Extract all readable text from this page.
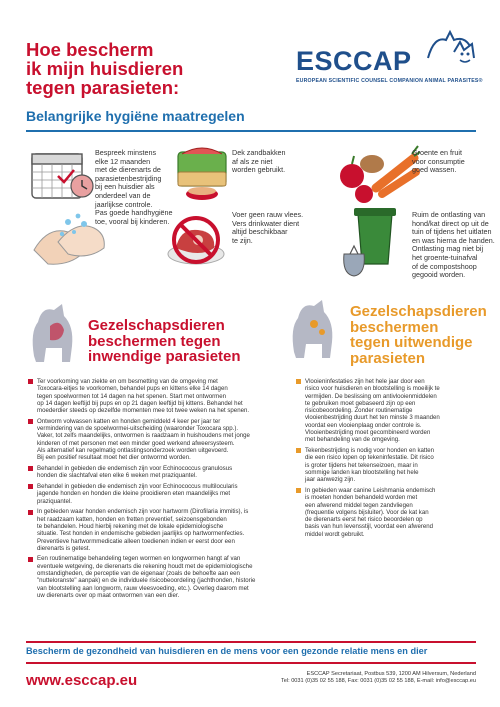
Hoe bescherm
ik mijn huisdieren
tegen parasieten:
Belangrijke hygiëne maatregelen
ESCCAP
EUROPEAN SCIENTIFIC COUNSEL COMPANION ANIMAL PARASITES®
Bespreek minstens
elke 12 maanden
met de dierenarts de
parasietenbestrijding
bij een huisdier als
onderdeel van de
jaarlijkse controle.
Dek zandbakken
af als ze niet
worden gebruikt.
Groente en fruit
voor consumptie
goed wassen.
Pas goede handhygiëne
toe, vooral bij kinderen.
Voer geen rauw vlees.
Vers drinkwater dient
altijd beschikbaar
te zijn.
Ruim de ontlasting van
hond/kat direct op uit de
tuin of tijdens het uitlaten
en was hierna de handen.
Ontlasting mag niet bij
het groente-tuinafval
of de compostshoop
gegooid worden.
Gezelschapsdieren
beschermen tegen
inwendige parasieten
Gezelschapsdieren
beschermen
tegen uitwendige
parasieten
Ter voorkoming van ziekte en om besmetting van de omgeving met
Toxocara-eitjes te voorkomen, behandel pups en kittens elke 14 dagen
tegen spoelwormen tot 14 dagen na het spenen. Start met ontwormen
op 14 dagen leeftijd bij pups en op 21 dagen leeftijd bij kittens. Behandel het
moederdier steeds op dezelfde momenten mee tot twee weken na het spenen.
Ontworm volwassen katten en honden gemiddeld 4 keer per jaar ter
vermindering van de spoelwormei-uitscheiding (waaronder Toxocara spp.).
Vaker, tot zelfs maandelijks, ontwormen is raadzaam in huishoudens met jonge
kinderen of met personen met een minder goed werkend afweersysteem.
Als alternatief kan regelmatig ontlastingsonderzoek worden uitgevoerd.
Bij een positief resultaat moet het dier ontwormd worden.
Behandel in gebieden die endemisch zijn voor Echinococcus granulosus
honden die slachtafval eten elke 6 weken met praziquantel.
Behandel in gebieden die endemisch zijn voor Echinococcus multilocularis
jagende honden en honden die kleine prooidieren eten maandelijks met
praziquantel.
In gebieden waar honden endemisch zijn voor hartworm (Dirofilaria immitis), is
het raadzaam katten, honden en fretten preventief, seizoensgebonden
te behandelen. Houd hierbij rekening met de lokale epidemiologische
situatie. Test honden in endemische gebieden jaarlijks op hartwormenfecties.
Preventieve hartwormmedicatie alleen toedienen indien er eerst door een
dierenarts is getest.
Een routinematige behandeling tegen wormen en longwormen hangt af van
eventuele wetgeving, de dierenarts die rekening houdt met de epidemiologische
omstandigheden, de perceptie van de eigenaar (zoals de behoefte aan een
"nutteloranste" aanpak) en de individuele risicobeoordeling (jachthonden, historie
van blootstelling aan longworm, rauw vleesvoeding, etc.). Overleg daarom met
uw dierenarts over op maat ontwormen van een dier.
Vlooieninfestaties zijn het hele jaar door een
risico voor huisdieren en blootstelling is moeilijk te
vermijden. De beslissing om antivlooienmiddelen
te gebruiken moet gebaseerd zijn op een
risicobeoordeling. Zonder routinematige
vlooienbestrijding duurt het ten minste 3 maanden
voordat een vlooienplaag onder controle is.
Vlooienbestrijding moet gecombineerd worden
met behandeling van de omgeving.
Tekenbestrijding is nodig voor honden en katten
die een risico lopen op tekeninfestatie. Dit risico
is groter tijdens het tekenseizoen, maar in
sommige landen kan blootstelling het hele
jaar aanwezig zijn.
In gebieden waar canine Leishmania endemisch
is moeten honden behandeld worden met
een afwerend middel tegen zandvliegen
(frequentie volgens bijsluiter). Voor de kat kan
de dierenarts eerst het risico beoordelen op
basis van hun levensstijl, voordat een afwerend
middel wordt gebruikt.
Bescherm de gezondheid van huisdieren en de mens voor een gezonde relatie mens en dier
www.esccap.eu	ESCCAP Secretariaat, Postbus 539, 1200 AM Hilversum, Nederland
Tel: 0031 (0)35 02 55 188, Fax: 0031 (0)35 02 55 188, E-mail: info@esccap.eu
